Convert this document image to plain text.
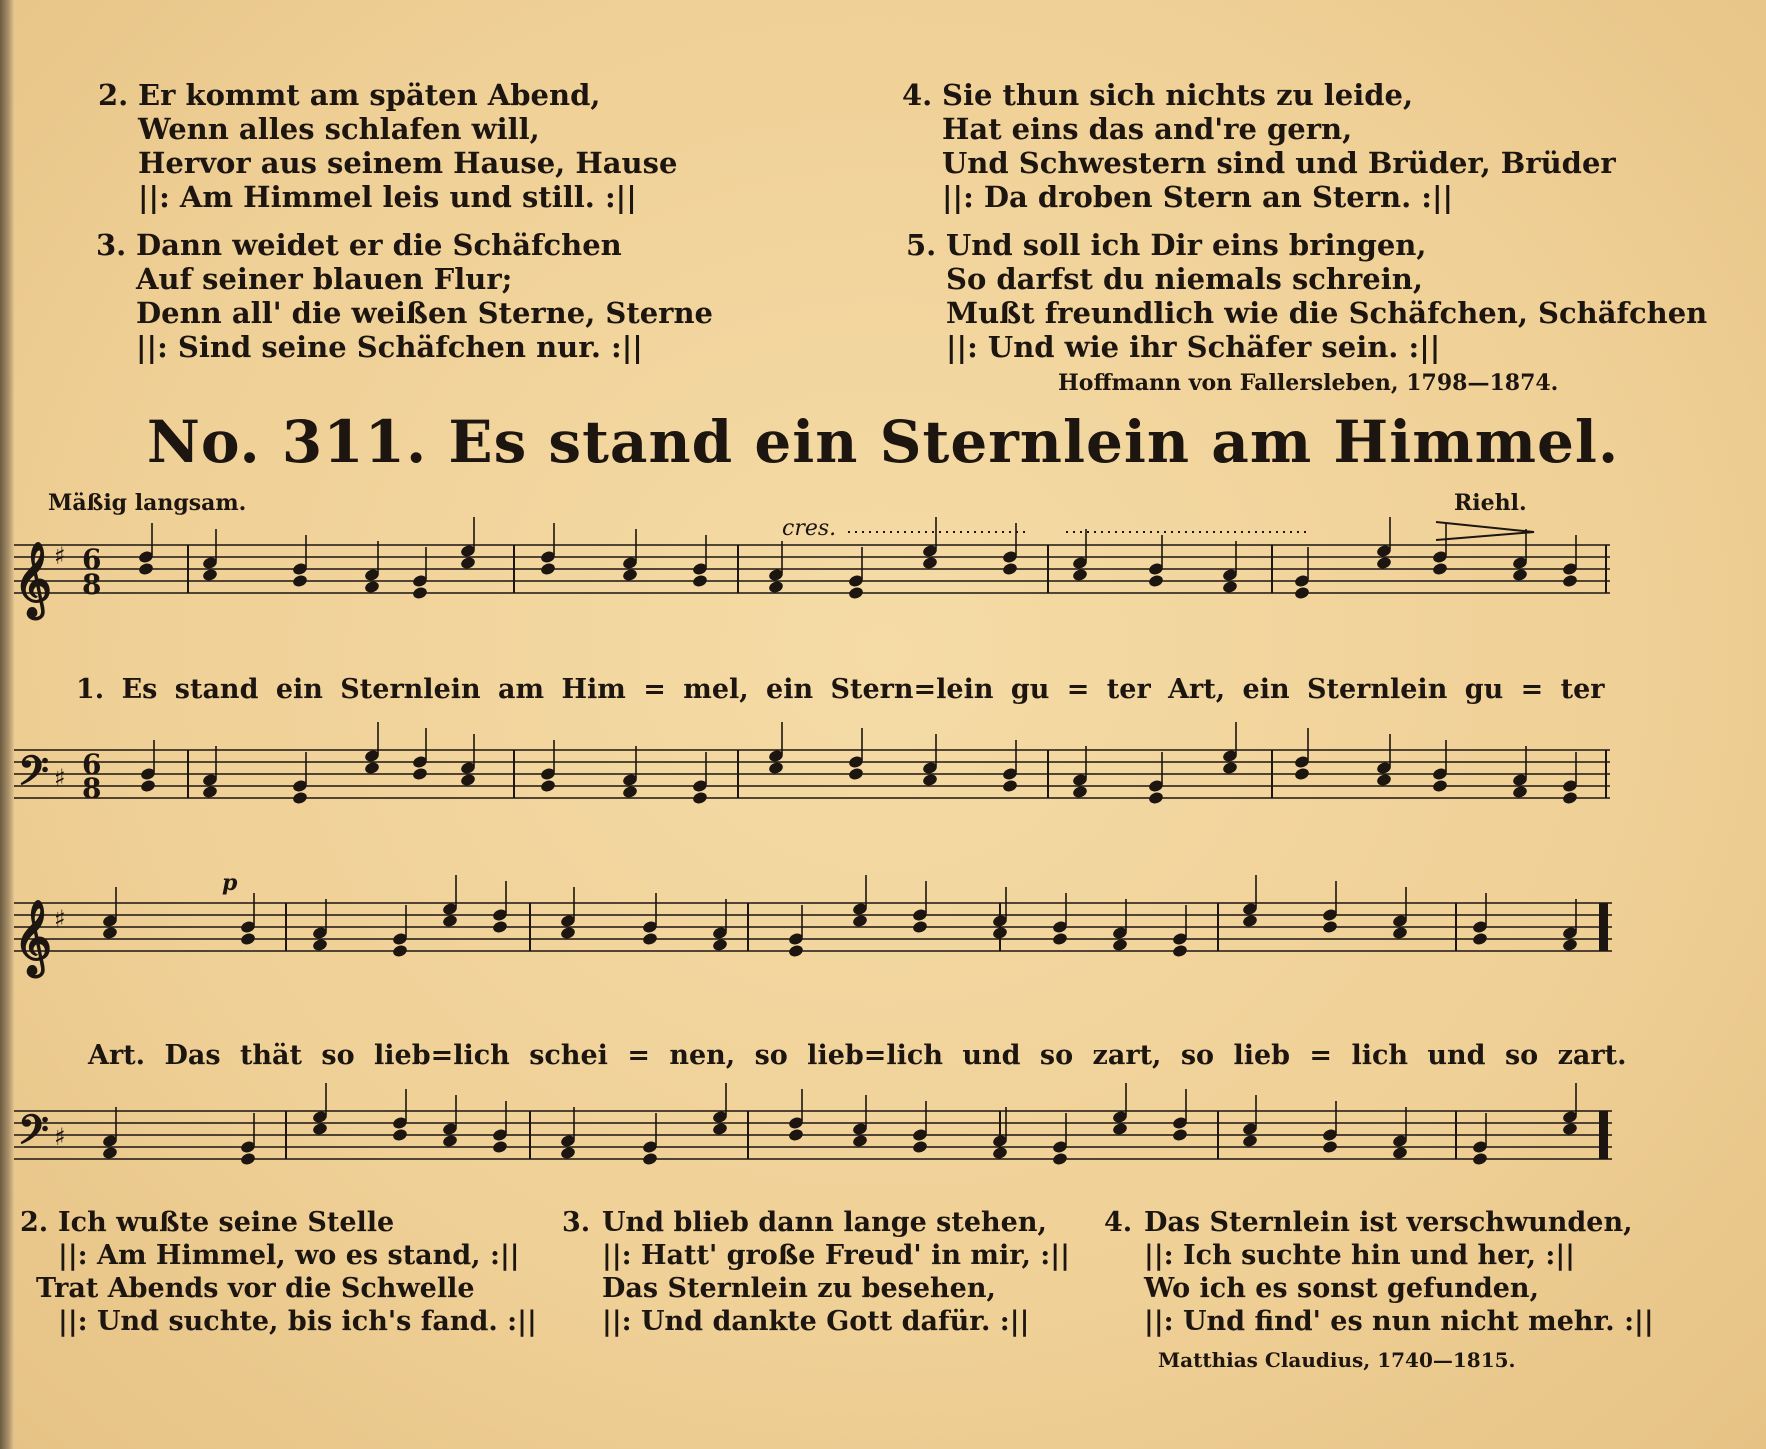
2. Er kommt am späten Abend,
Wenn alles schlafen will,
Hervor aus seinem Hause, Hause
||: Am Himmel leis und still. :||
3. Dann weidet er die Schäfchen
Auf seiner blauen Flur;
Denn all' die weißen Sterne, Sterne
||: Sind seine Schäfchen nur. :||
4. Sie thun sich nichts zu leide,
Hat eins das and're gern,
Und Schwestern sind und Brüder, Brüder
||: Da droben Stern an Stern. :||
5. Und soll ich Dir eins bringen,
So darfst du niemals schrein,
Mußt freundlich wie die Schäfchen, Schäfchen
||: Und wie ihr Schäfer sein. :||
Hoffmann von Fallersleben, 1798—1874.
No. 311. Es stand ein Sternlein am Himmel.
Mäßig langsam.	Riehl.
cres.
p
𝄞
𝄞
𝄢
𝄢
♯
♯
♯
♯
6
8
6
8
1. Es stand ein Sternlein am Him = mel, ein Stern=lein gu = ter Art, ein Sternlein gu = ter
Art. Das thät so lieb=lich schei = nen, so lieb=lich und so zart, so lieb = lich und so zart.
2. Ich wußte seine Stelle
||: Am Himmel, wo es stand, :||
Trat Abends vor die Schwelle
||: Und suchte, bis ich's fand. :||
3. Und blieb dann lange stehen,
||: Hatt' große Freud' in mir, :||
Das Sternlein zu besehen,
||: Und dankte Gott dafür. :||
4. Das Sternlein ist verschwunden,
||: Ich suchte hin und her, :||
Wo ich es sonst gefunden,
||: Und find' es nun nicht mehr. :||
Matthias Claudius, 1740—1815.
